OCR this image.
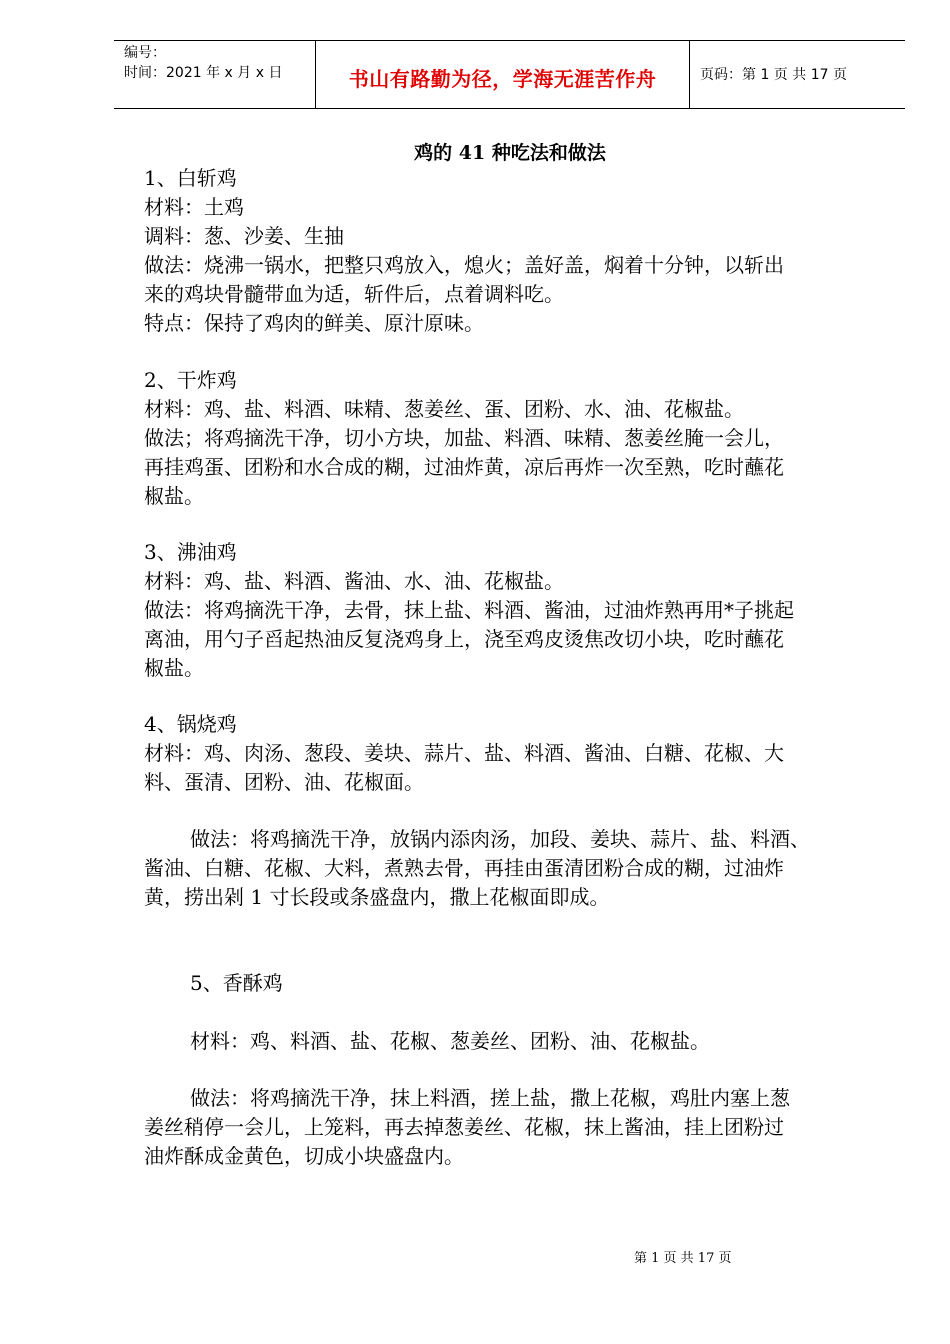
编号：
时间：2021 年 x 月 x 日	书山有路勤为径，学海无涯苦作舟	页码：第 1 页 共 17 页
鸡的 41 种吃法和做法
1、白斩鸡
材料：土鸡
调料：葱、沙姜、生抽
做法：烧沸一锅水，把整只鸡放入，熄火；盖好盖，焖着十分钟，以斩出
来的鸡块骨髓带血为适，斩件后，点着调料吃。
特点：保持了鸡肉的鲜美、原汁原味。
2、干炸鸡
材料：鸡、盐、料酒、味精、葱姜丝、蛋、团粉、水、油、花椒盐。
做法；将鸡摘洗干净，切小方块，加盐、料酒、味精、葱姜丝腌一会儿，
再挂鸡蛋、团粉和水合成的糊，过油炸黄，凉后再炸一次至熟，吃时蘸花
椒盐。
3、沸油鸡
材料：鸡、盐、料酒、酱油、水、油、花椒盐。
做法：将鸡摘洗干净，去骨，抹上盐、料酒、酱油，过油炸熟再用*子挑起
离油，用勺子舀起热油反复浇鸡身上，浇至鸡皮烫焦改切小块，吃时蘸花
椒盐。
4、锅烧鸡
材料：鸡、肉汤、葱段、姜块、蒜片、盐、料酒、酱油、白糖、花椒、大
料、蛋清、团粉、油、花椒面。
做法：将鸡摘洗干净，放锅内添肉汤，加段、姜块、蒜片、盐、料酒、
酱油、白糖、花椒、大料，煮熟去骨，再挂由蛋清团粉合成的糊，过油炸
黄，捞出剁 1 寸长段或条盛盘内，撒上花椒面即成。
5、香酥鸡
材料：鸡、料酒、盐、花椒、葱姜丝、团粉、油、花椒盐。
做法：将鸡摘洗干净，抹上料酒，搓上盐，撒上花椒，鸡肚内塞上葱
姜丝稍停一会儿，上笼料，再去掉葱姜丝、花椒，抹上酱油，挂上团粉过
油炸酥成金黄色，切成小块盛盘内。
第 1 页 共 17 页
